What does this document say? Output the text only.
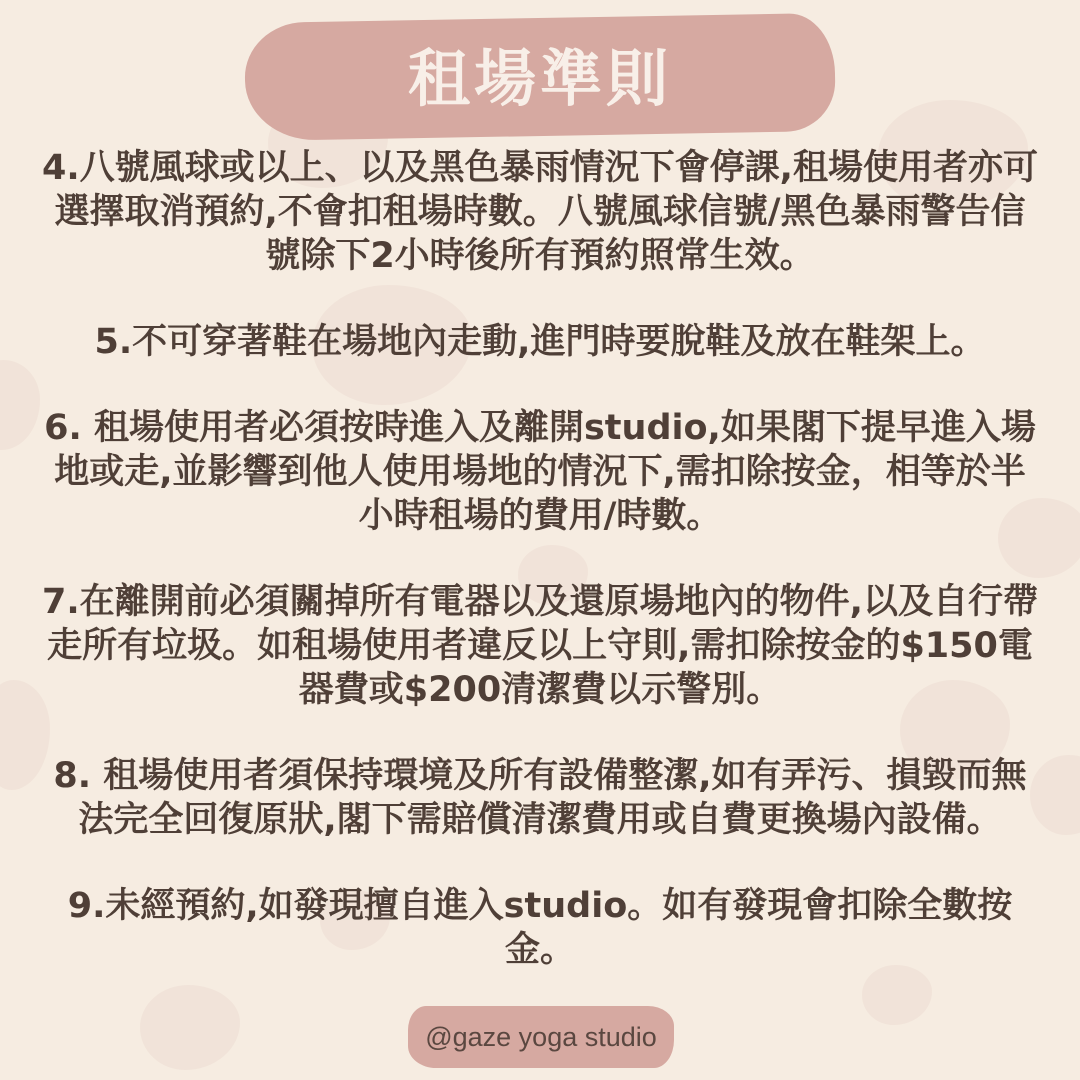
租場準則

4.八號風球或以上、以及黑色暴雨情況下會停課,租場使用者亦可選擇取消預約,不會扣租場時數。八號風球信號/黑色暴雨警告信號除下2小時後所有預約照常生效。

5.不可穿著鞋在場地內走動,進門時要脫鞋及放在鞋架上。

6. 租場使用者必須按時進入及離開studio,如果閣下提早進入場地或走,並影響到他人使用場地的情況下,需扣除按金，相等於半小時租場的費用/時數。

7.在離開前必須關掉所有電器以及還原場地內的物件,以及自行帶走所有垃圾。如租場使用者違反以上守則,需扣除按金的$150電器費或$200清潔費以示警別。

8. 租場使用者須保持環境及所有設備整潔,如有弄污、損毀而無法完全回復原狀,閣下需賠償清潔費用或自費更換場內設備。

9.未經預約,如發現擅自進入studio。如有發現會扣除全數按金。

@gaze yoga studio
